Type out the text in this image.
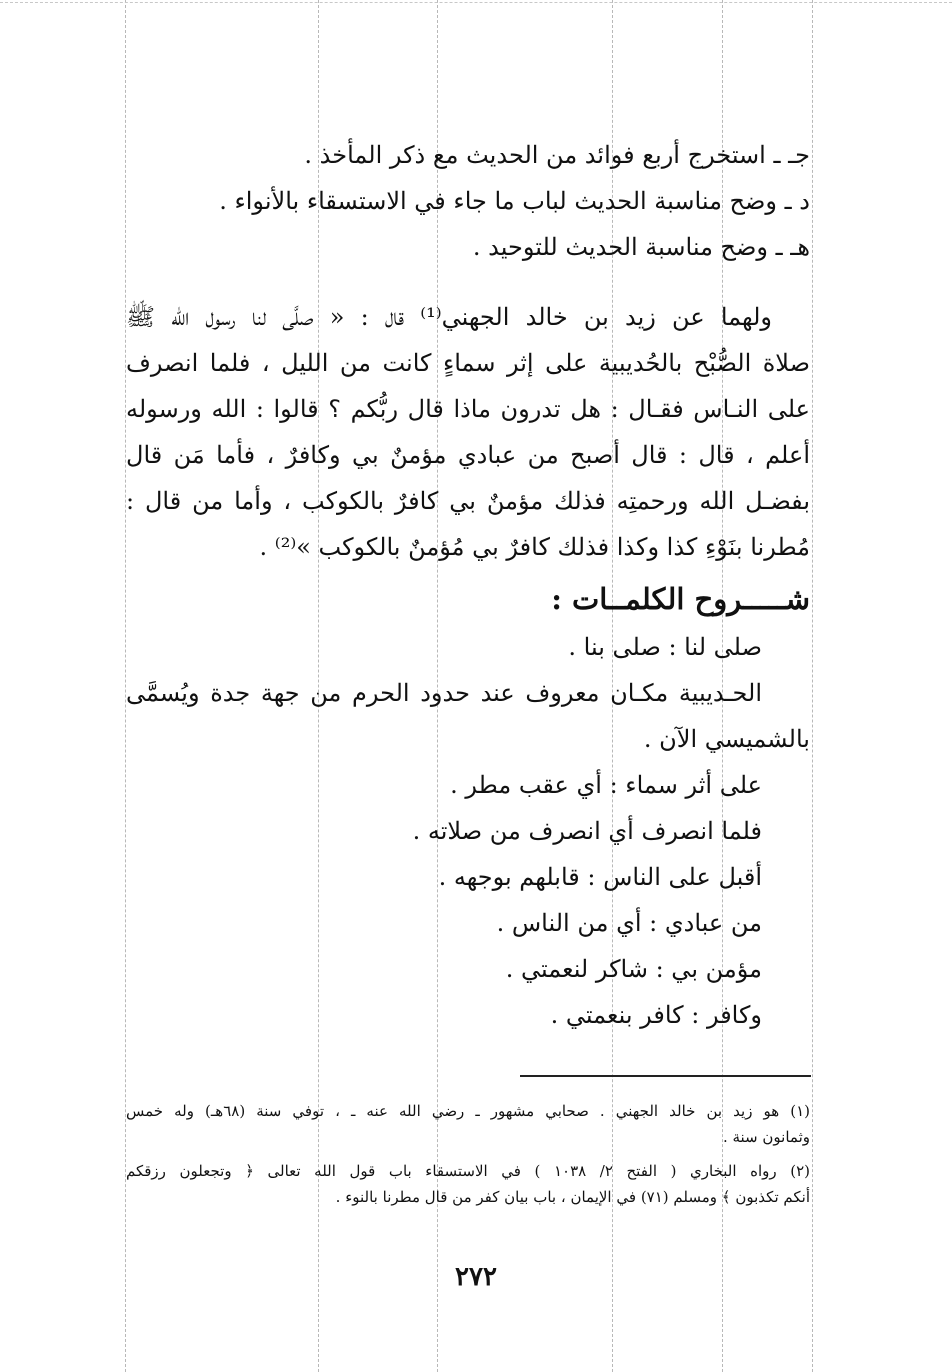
جـ ـ استخرج أربع فوائد من الحديث مع ذكر المأخذ .
د ـ وضح مناسبة الحديث لباب ما جاء في الاستسقاء بالأنواء .
هـ ـ وضح مناسبة الحديث للتوحيد .
ولهما عن زيد بن خالد الجهني⁽¹⁾ قال : « صلَّى لنا رسول الله ﷺ
صلاة الصُّبْح بالحُديبية على إثر سماءٍ كانت من الليل ، فلما انصرف
على النـاس فقـال : هل تدرون ماذا قال ربُّكم ؟ قالوا : الله ورسوله
أعلم ، قال : قال أصبح من عبادي مؤمنٌ بي وكافرٌ ، فأما مَن قال
بفضـل الله ورحمتِه فذلك مؤمنٌ بي كافرٌ بالكوكب ، وأما من قال :
مُطرنا بنَوْءِ كذا وكذا فذلك كافرٌ بي مُؤمنٌ بالكوكب »⁽²⁾ .
شـــــروح الكلمــات :
صلى لنا : صلى بنا .
الحـديبية مكـان معروف عند حدود الحرم من جهة جدة ويُسمَّى
بالشميسي الآن .
على أثر سماء : أي عقب مطر .
فلما انصرف أي انصرف من صلاته .
أقبل على الناس : قابلهم بوجهه .
من عبادي : أي من الناس .
مؤمن بي : شاكر لنعمتي .
وكافر : كافر بنعمتي .
(١) هو زيد بن خالد الجهني . صحابي مشهور ـ رضي الله عنه ـ ، توفي سنة (٦٨هـ) وله خمس
وثمانون سنة .
(٢) رواه البخاري ( الفتح ٢/ ١٠٣٨ ) في الاستسقاء باب قول الله تعالى ﴿ وتجعلون رزقكم
أنكم تكذبون ﴾ ومسلم (٧١) في الإيمان ، باب بيان كفر من قال مطرنا بالنوء .
٢٧٢
